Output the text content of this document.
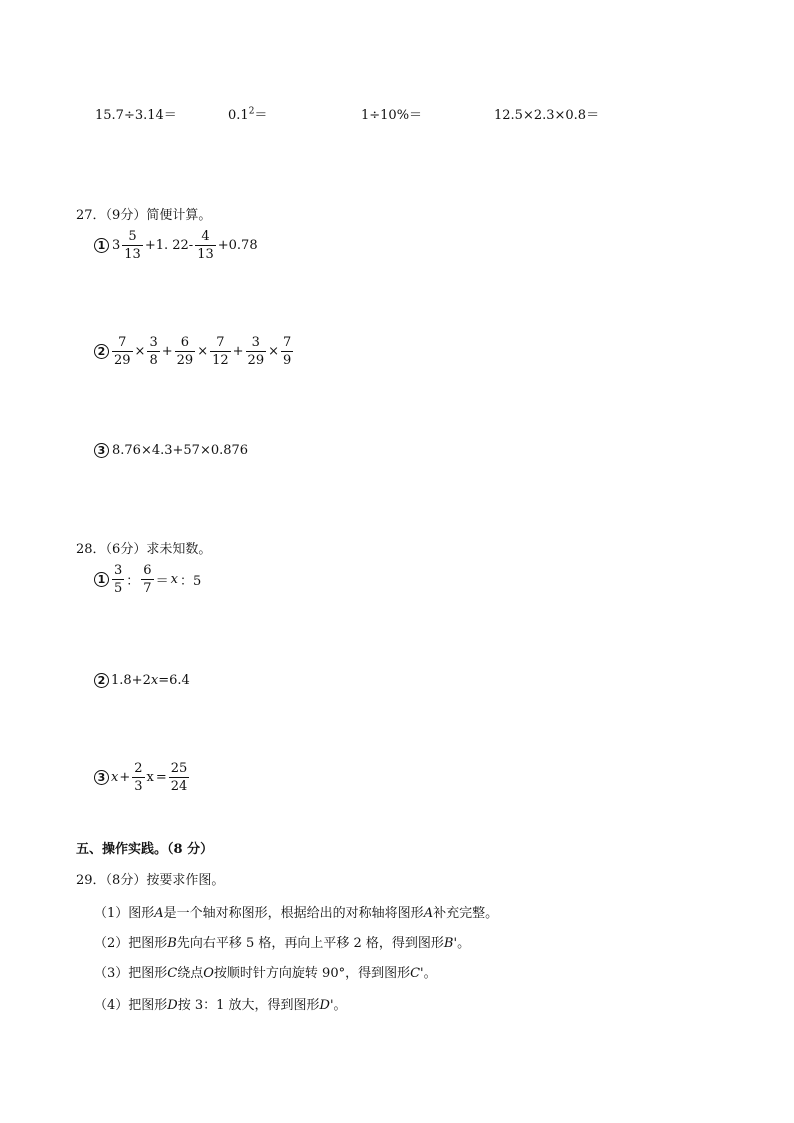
15.7÷3.14＝	$0.1^2=$	1÷10%＝	12.5×2.3×0.8＝
27．（9分）简便计算。
1 $3 \frac{5}{13} +1$. $22- \frac{4}{13} +0.78$
$2 \frac{7}{29} \times \frac{3}{8} + \frac{6}{29} \times \frac{7}{12} + \frac{3}{29} \times \frac{7}{9}$
3 8.76×4.3+57×0.876
28．（6分）求未知数。
$1 \frac{3}{5}$ ： $\frac{6}{7} = x$ ：5
2 1.8+2 x =6.4
3 $x + \frac{2}{3}$ $x = \frac{25}{24}$
五、操作实践。（8 分）
29．（8分）按要求作图。
（1）图形A是一个轴对称图形，根据给出的对称轴将图形A补充完整。
（2）把图形B先向右平移 5 格，再向上平移 2 格，得到图形B'。
（3）把图形C绕点O按顺时针方向旋转 90°，得到图形C'。
（4）把图形D按 3：1 放大，得到图形D'。
